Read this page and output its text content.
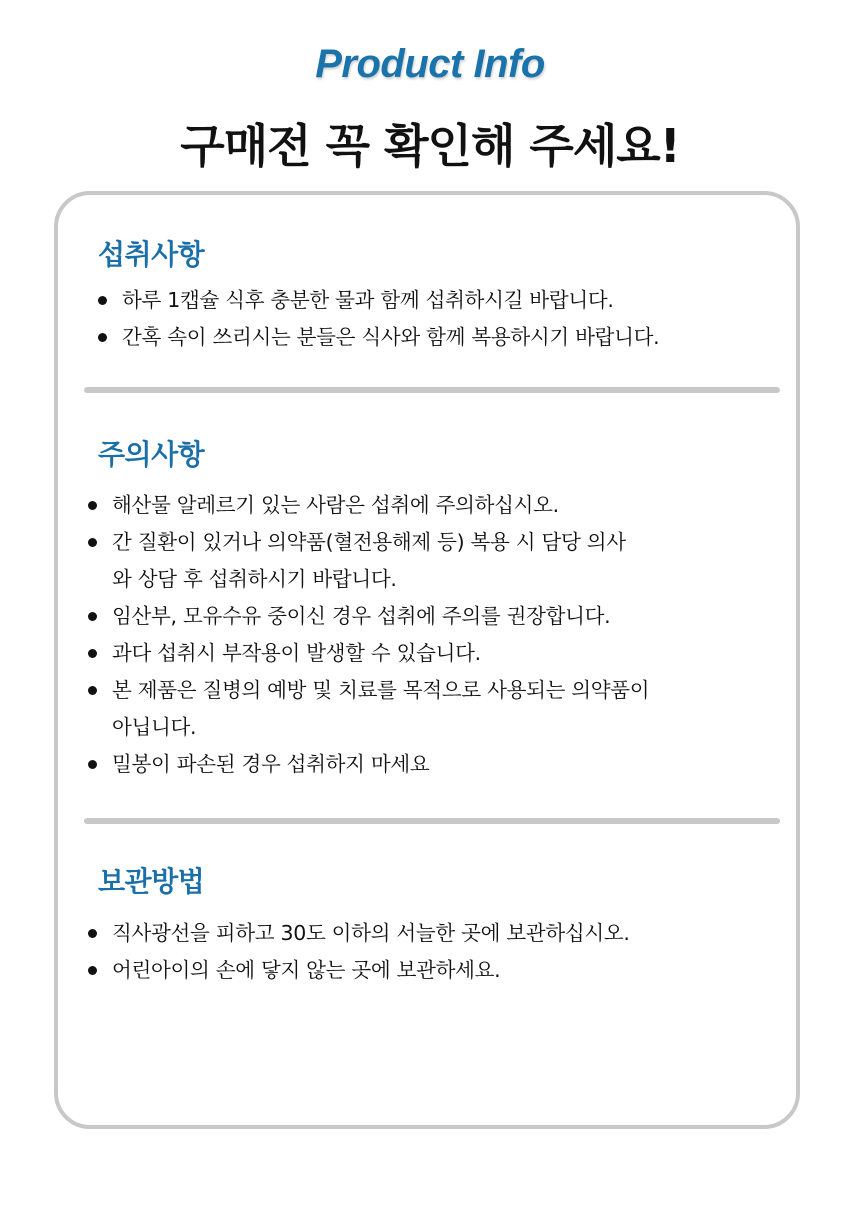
Product Info
구매전 꼭 확인해 주세요!
섭취사항
하루 1캡슐 식후 충분한 물과 함께 섭취하시길 바랍니다.
간혹 속이 쓰리시는 분들은 식사와 함께 복용하시기 바랍니다.
주의사항
해산물 알레르기 있는 사람은 섭취에 주의하십시오.
간 질환이 있거나 의약품(혈전용해제 등) 복용 시 담당 의사
와 상담 후 섭취하시기 바랍니다.
임산부, 모유수유 중이신 경우 섭취에 주의를 권장합니다.
과다 섭취시 부작용이 발생할 수 있습니다.
본 제품은 질병의 예방 및 치료를 목적으로 사용되는 의약품이
아닙니다.
밀봉이 파손된 경우 섭취하지 마세요
보관방법
직사광선을 피하고 30도 이하의 서늘한 곳에 보관하십시오.
어린아이의 손에 닿지 않는 곳에 보관하세요.
